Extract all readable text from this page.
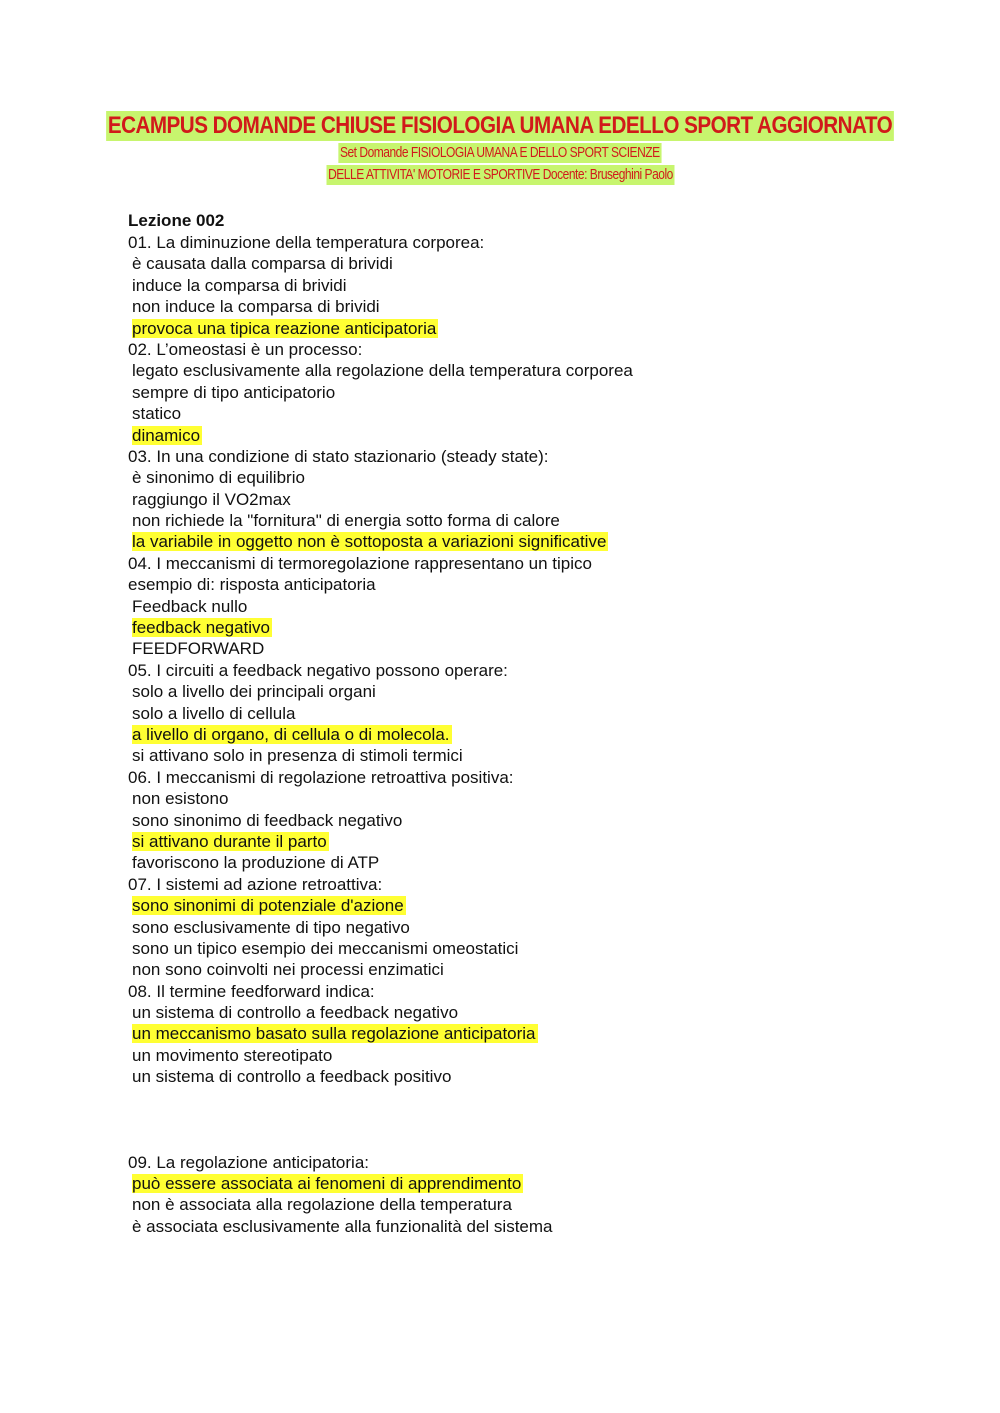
ECAMPUS DOMANDE CHIUSE FISIOLOGIA UMANA EDELLO SPORT AGGIORNATO
Set Domande FISIOLOGIA UMANA E DELLO SPORT SCIENZE
DELLE ATTIVITA' MOTORIE E SPORTIVE Docente: Bruseghini Paolo
Lezione 002
01. La diminuzione della temperatura corporea:
è causata dalla comparsa di brividi
induce la comparsa di brividi
non induce la comparsa di brividi
provoca una tipica reazione anticipatoria
02. L’omeostasi è un processo:
legato esclusivamente alla regolazione della temperatura corporea
sempre di tipo anticipatorio
statico
dinamico
03. In una condizione di stato stazionario (steady state):
è sinonimo di equilibrio
raggiungo il VO2max
non richiede la "fornitura" di energia sotto forma di calore
la variabile in oggetto non è sottoposta a variazioni significative
04. I meccanismi di termoregolazione rappresentano un tipico
esempio di: risposta anticipatoria
Feedback nullo
feedback negativo
FEEDFORWARD
05. I circuiti a feedback negativo possono operare:
solo a livello dei principali organi
solo a livello di cellula
a livello di organo, di cellula o di molecola.
si attivano solo in presenza di stimoli termici
06. I meccanismi di regolazione retroattiva positiva:
non esistono
sono sinonimo di feedback negativo
si attivano durante il parto
favoriscono la produzione di ATP
07. I sistemi ad azione retroattiva:
sono sinonimi di potenziale d'azione
sono esclusivamente di tipo negativo
sono un tipico esempio dei meccanismi omeostatici
non sono coinvolti nei processi enzimatici
08. Il termine feedforward indica:
un sistema di controllo a feedback negativo
un meccanismo basato sulla regolazione anticipatoria
un movimento stereotipato
un sistema di controllo a feedback positivo
09. La regolazione anticipatoria:
può essere associata ai fenomeni di apprendimento
non è associata alla regolazione della temperatura
è associata esclusivamente alla funzionalità del sistema
